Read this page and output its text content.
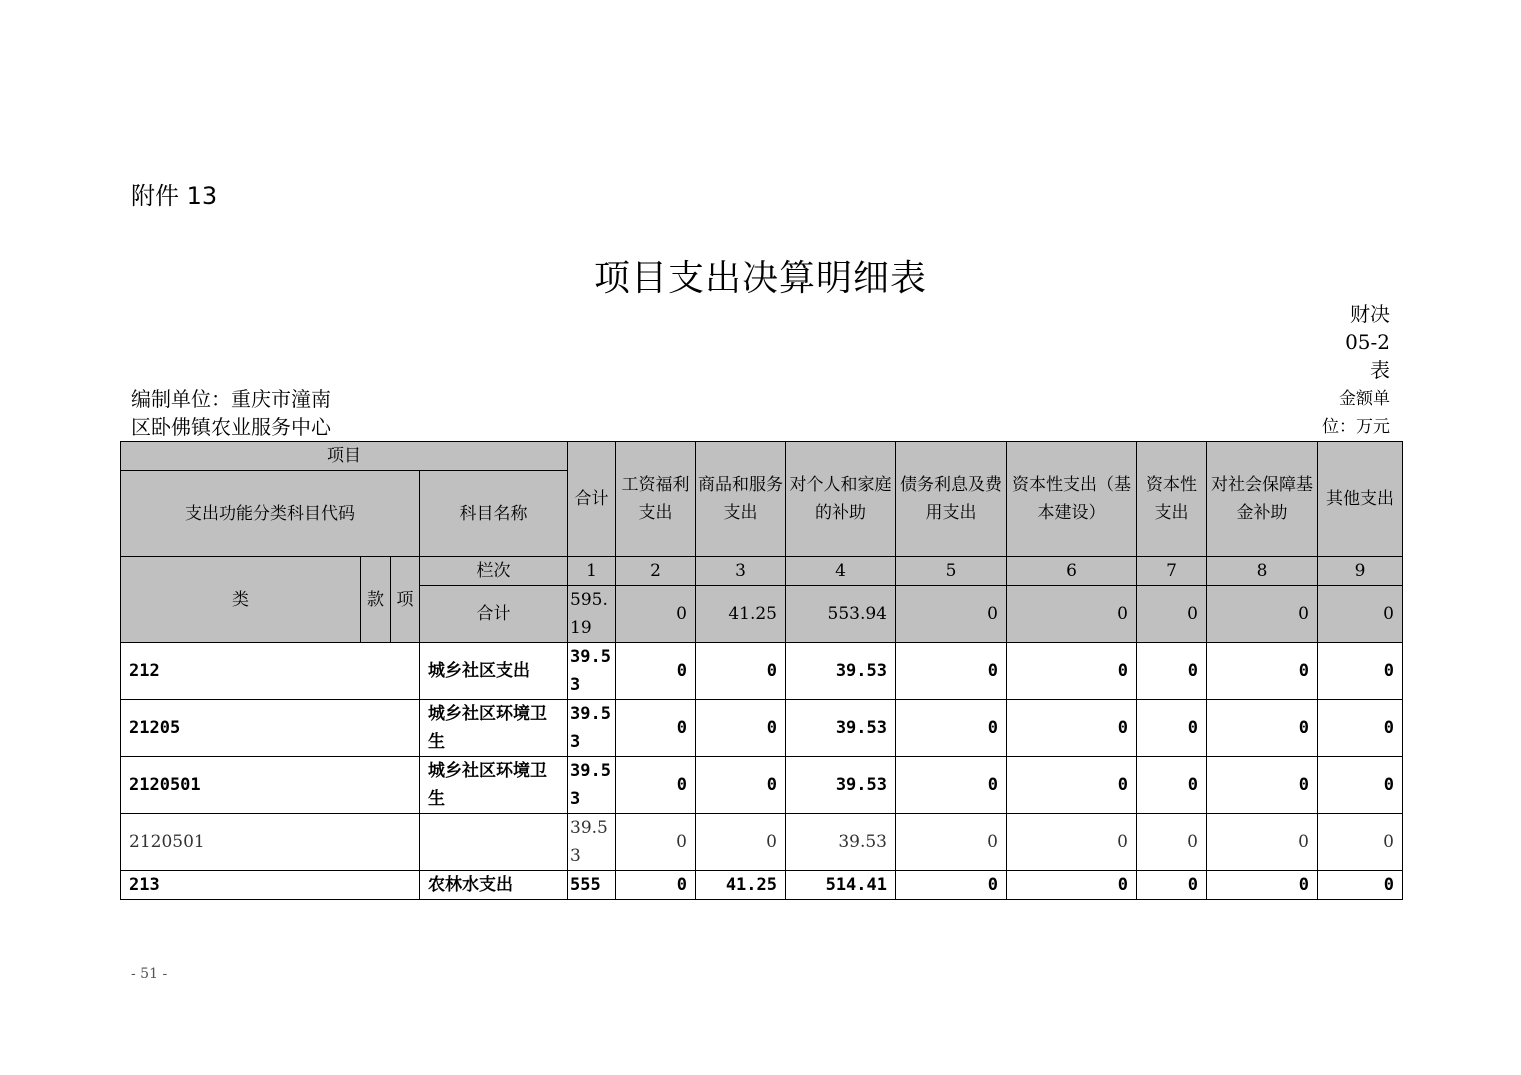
附件 13
项目支出决算明细表
财决
05-2
表
编制单位：重庆市潼南
区卧佛镇农业服务中心
金额单
位：万元
项目				合计	工资福利支出	商品和服务支出	对个人和家庭的补助	债务利息及费用支出	资本性支出（基本建设）	资本性支出	对社会保障基金补助	其他支出
支出功能分类科目代码			科目名称									
类	款	项	栏次	1	2	3	4	5	6	7	8	9
			合计	595.19	0	41.25	553.94	0	0	0	0	0
212			城乡社区支出	39.53	0	0	39.53	0	0	0	0	0
21205			城乡社区环境卫生	39.53	0	0	39.53	0	0	0	0	0
2120501			城乡社区环境卫生	39.53	0	0	39.53	0	0	0	0	0
2120501				39.53	0	0	39.53	0	0	0	0	0
213			农林水支出	555	0	41.25	514.41	0	0	0	0	0
- 51 -
